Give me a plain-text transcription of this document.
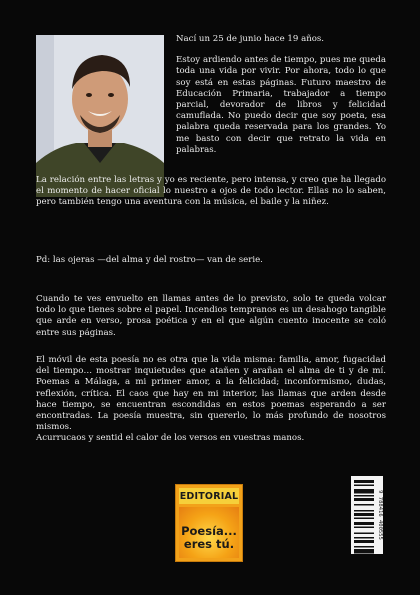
Nací un 25 de junio hace 19 años.

Estoy ardiendo antes de tiempo, pues me queda toda una vida por vivir. Por ahora, todo lo que soy está en estas páginas. Futuro maestro de Educación Primaria, trabajador a tiempo parcial, devorador de libros y felicidad camuflada. No puedo decir que soy poeta, esa palabra queda reservada para los grandes. Yo me basto con decir que retrato la vida en palabras.

La relación entre las letras y yo es reciente, pero intensa, y creo que ha llegado el momento de hacer oficial lo nuestro a ojos de todo lector. Ellas no lo saben, pero también tengo una aventura con la música, el baile y la niñez.

Pd: las ojeras —del alma y del rostro— van de serie.

Cuando te ves envuelto en llamas antes de lo previsto, solo te queda volcar todo lo que tienes sobre el papel. Incendios tempranos es un desahogo tangible que arde en verso, prosa poética y en el que algún cuento inocente se coló entre sus páginas.

El móvil de esta poesía no es otra que la vida misma: familia, amor, fugacidad del tiempo… mostrar inquietudes que atañen y arañan el alma de ti y de mí. Poemas a Málaga, a mi primer amor, a la felicidad; inconformismo, dudas, reflexión, crítica. El caos que hay en mi interior, las llamas que arden desde hace tiempo, se encuentran escondidas en estos poemas esperando a ser encontradas. La poesía muestra, sin quererlo, lo más profundo de nosotros mismos.

Acurrucaos y sentid el calor de los versos en vuestras manos.

EDITORIAL
Poesía...
eres tú.
9 788416 400555
